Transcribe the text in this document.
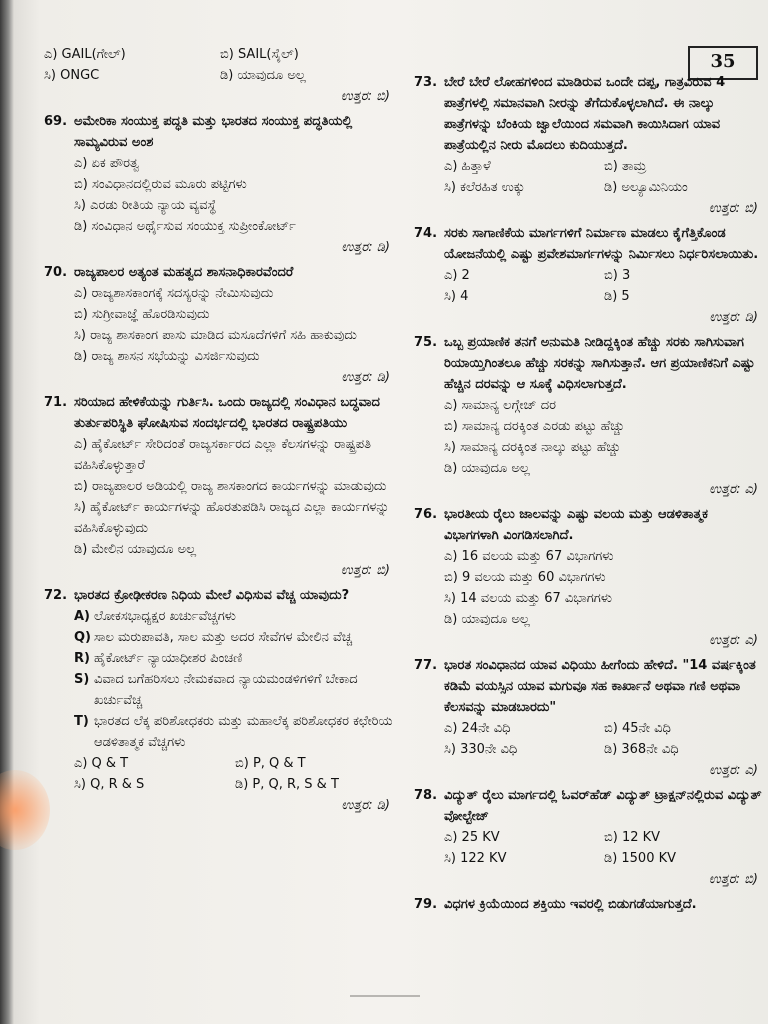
35
ಎ) GAIL(ಗೇಲ್)	ಬಿ) SAIL(ಸೈಲ್)
ಸಿ) ONGC	ಡಿ) ಯಾವುದೂ ಅಲ್ಲ
ಉತ್ತರ: ಬಿ)
69. ಅಮೇರಿಕಾ ಸಂಯುಕ್ತ ಪದ್ಧತಿ ಮತ್ತು ಭಾರತದ ಸಂಯುಕ್ತ ಪದ್ಧತಿಯಲ್ಲಿ ಸಾಮ್ಯವಿರುವ ಅಂಶ
ಎ) ಏಕ ಪೌರತ್ವ
ಬಿ) ಸಂವಿಧಾನದಲ್ಲಿರುವ ಮೂರು ಪಟ್ಟಿಗಳು
ಸಿ) ಎರಡು ರೀತಿಯ ನ್ಯಾಯ ವ್ಯವಸ್ಥೆ
ಡಿ) ಸಂವಿಧಾನ ಅರ್ಥೈಸುವ ಸಂಯುಕ್ತ ಸುಪ್ರೀಂಕೋರ್ಟ್
ಉತ್ತರ: ಡಿ)
70. ರಾಜ್ಯಪಾಲರ ಅತ್ಯಂತ ಮಹತ್ವದ ಶಾಸನಾಧಿಕಾರವೆಂದರೆ
ಎ) ರಾಜ್ಯಶಾಸಕಾಂಗಕ್ಕೆ ಸದಸ್ಯರನ್ನು ನೇಮಿಸುವುದು
ಬಿ) ಸುಗ್ರೀವಾಜ್ಞೆ ಹೊರಡಿಸುವುದು
ಸಿ) ರಾಜ್ಯ ಶಾಸಕಾಂಗ ಪಾಸು ಮಾಡಿದ ಮಸೂದೆಗಳಿಗೆ ಸಹಿ ಹಾಕುವುದು
ಡಿ) ರಾಜ್ಯ ಶಾಸನ ಸಭೆಯನ್ನು ವಿಸರ್ಜಿಸುವುದು
ಉತ್ತರ: ಡಿ)
71. ಸರಿಯಾದ ಹೇಳಿಕೆಯನ್ನು ಗುರ್ತಿಸಿ. ಒಂದು ರಾಜ್ಯದಲ್ಲಿ ಸಂವಿಧಾನ ಬದ್ಧವಾದ ತುರ್ತುಪರಿಸ್ಥಿತಿ ಘೋಷಿಸುವ ಸಂದರ್ಭದಲ್ಲಿ ಭಾರತದ ರಾಷ್ಟ್ರಪತಿಯು
ಎ) ಹೈಕೋರ್ಟ್ ಸೇರಿದಂತೆ ರಾಜ್ಯಸರ್ಕಾರದ ಎಲ್ಲಾ ಕೆಲಸಗಳನ್ನು ರಾಷ್ಟ್ರಪತಿ ವಹಿಸಿಕೊಳ್ಳುತ್ತಾರೆ
ಬಿ) ರಾಜ್ಯಪಾಲರ ಅಡಿಯಲ್ಲಿ ರಾಜ್ಯ ಶಾಸಕಾಂಗದ ಕಾರ್ಯಗಳನ್ನು ಮಾಡುವುದು
ಸಿ) ಹೈಕೋರ್ಟ್ ಕಾರ್ಯಗಳನ್ನು ಹೊರತುಪಡಿಸಿ ರಾಜ್ಯದ ಎಲ್ಲಾ ಕಾರ್ಯಗಳನ್ನು ವಹಿಸಿಕೊಳ್ಳುವುದು
ಡಿ) ಮೇಲಿನ ಯಾವುದೂ ಅಲ್ಲ
ಉತ್ತರ: ಬಿ)
72. ಭಾರತದ ಕ್ರೋಢೀಕರಣ ನಿಧಿಯ ಮೇಲೆ ವಿಧಿಸುವ ವೆಚ್ಚ ಯಾವುದು?
A) ಲೋಕಸಭಾಧ್ಯಕ್ಷರ ಖರ್ಚುವೆಚ್ಚಗಳು
Q) ಸಾಲ ಮರುಪಾವತಿ, ಸಾಲ ಮತ್ತು ಅದರ ಸೇವೆಗಳ ಮೇಲಿನ ವೆಚ್ಚ
R) ಹೈಕೋರ್ಟ್ ನ್ಯಾಯಾಧೀಶರ ಪಿಂಚಣಿ
S) ವಿವಾದ ಬಗೆಹರಿಸಲು ನೇಮಕವಾದ ನ್ಯಾಯಮಂಡಳಿಗಳಿಗೆ ಬೇಕಾದ ಖರ್ಚುವೆಚ್ಚ
T) ಭಾರತದ ಲೆಕ್ಕ ಪರಿಶೋಧಕರು ಮತ್ತು ಮಹಾಲೆಕ್ಕ ಪರಿಶೋಧಕರ ಕಛೇರಿಯ ಆಡಳಿತಾತ್ಮಕ ವೆಚ್ಚಗಳು
ಎ) Q & T	ಬಿ) P, Q & T
ಸಿ) Q, R & S	ಡಿ) P, Q, R, S & T
ಉತ್ತರ: ಡಿ)
73. ಬೇರೆ ಬೇರೆ ಲೋಹಗಳಿಂದ ಮಾಡಿರುವ ಒಂದೇ ದಪ್ಪ, ಗಾತ್ರವಿರುವ 4 ಪಾತ್ರೆಗಳಲ್ಲಿ ಸಮಾನವಾಗಿ ನೀರನ್ನು ತೆಗೆದುಕೊಳ್ಳಲಾಗಿದೆ. ಈ ನಾಲ್ಕು ಪಾತ್ರೆಗಳನ್ನು ಬೆಂಕಿಯ ಜ್ವಾಲೆಯಿಂದ ಸಮವಾಗಿ ಕಾಯಿಸಿದಾಗ ಯಾವ ಪಾತ್ರೆಯಲ್ಲಿನ ನೀರು ಮೊದಲು ಕುದಿಯುತ್ತದೆ.
ಎ) ಹಿತ್ತಾಳೆ	ಬಿ) ತಾಮ್ರ
ಸಿ) ಕಲೆರಹಿತ ಉಕ್ಕು	ಡಿ) ಅಲ್ಯೂಮಿನಿಯಂ
ಉತ್ತರ: ಬಿ)
74. ಸರಕು ಸಾಗಾಣಿಕೆಯ ಮಾರ್ಗಗಳಿಗೆ ನಿರ್ಮಾಣ ಮಾಡಲು ಕೈಗೆತ್ತಿಕೊಂಡ ಯೋಜನೆಯಲ್ಲಿ ಎಷ್ಟು ಪ್ರವೇಶಮಾರ್ಗಗಳನ್ನು ನಿರ್ಮಿಸಲು ನಿರ್ಧರಿಸಲಾಯಿತು.
ಎ) 2	ಬಿ) 3
ಸಿ) 4	ಡಿ) 5
ಉತ್ತರ: ಡಿ)
75. ಒಬ್ಬ ಪ್ರಯಾಣಿಕ ತನಗೆ ಅನುಮತಿ ನೀಡಿದ್ದಕ್ಕಿಂತ ಹೆಚ್ಚು ಸರಕು ಸಾಗಿಸುವಾಗ ರಿಯಾಯ್ತಿಗಿಂತಲೂ ಹೆಚ್ಚು ಸರಕನ್ನು ಸಾಗಿಸುತ್ತಾನೆ. ಆಗ ಪ್ರಯಾಣಿಕನಿಗೆ ಎಷ್ಟು ಹೆಚ್ಚಿನ ದರವನ್ನು ಆ ಸೂಕ್ಕೆ ವಿಧಿಸಲಾಗುತ್ತದೆ.
ಎ) ಸಾಮಾನ್ಯ ಲಗ್ಗೇಜ್ ದರ
ಬಿ) ಸಾಮಾನ್ಯ ದರಕ್ಕಿಂತ ಎರಡು ಪಟ್ಟು ಹೆಚ್ಚು
ಸಿ) ಸಾಮಾನ್ಯ ದರಕ್ಕಿಂತ ನಾಲ್ಕು ಪಟ್ಟು ಹೆಚ್ಚು
ಡಿ) ಯಾವುದೂ ಅಲ್ಲ
ಉತ್ತರ: ಎ)
76. ಭಾರತೀಯ ರೈಲು ಜಾಲವನ್ನು ಎಷ್ಟು ವಲಯ ಮತ್ತು ಆಡಳಿತಾತ್ಮಕ ವಿಭಾಗಗಳಾಗಿ ವಿಂಗಡಿಸಲಾಗಿದೆ.
ಎ) 16 ವಲಯ ಮತ್ತು 67 ವಿಭಾಗಗಳು
ಬಿ) 9 ವಲಯ ಮತ್ತು 60 ವಿಭಾಗಗಳು
ಸಿ) 14 ವಲಯ ಮತ್ತು 67 ವಿಭಾಗಗಳು
ಡಿ) ಯಾವುದೂ ಅಲ್ಲ
ಉತ್ತರ: ಎ)
77. ಭಾರತ ಸಂವಿಧಾನದ ಯಾವ ವಿಧಿಯು ಹೀಗೆಂದು ಹೇಳಿದೆ. "14 ವರ್ಷಕ್ಕಿಂತ ಕಡಿಮೆ ವಯಸ್ಸಿನ ಯಾವ ಮಗುವೂ ಸಹ ಕಾರ್ಖಾನೆ ಅಥವಾ ಗಣಿ ಅಥವಾ ಕೆಲಸವನ್ನು ಮಾಡಬಾರದು"
ಎ) 24ನೇ ವಿಧಿ	ಬಿ) 45ನೇ ವಿಧಿ
ಸಿ) 330ನೇ ವಿಧಿ	ಡಿ) 368ನೇ ವಿಧಿ
ಉತ್ತರ: ಎ)
78. ವಿದ್ಯುತ್ ರೈಲು ಮಾರ್ಗದಲ್ಲಿ ಓವರ್‌ಹೆಡ್ ವಿದ್ಯುತ್ ಟ್ರಾಕ್ಷನ್‌ನಲ್ಲಿರುವ ವಿದ್ಯುತ್ ವೋಲ್ಟೇಜ್
ಎ) 25 KV	ಬಿ) 12 KV
ಸಿ) 122 KV	ಡಿ) 1500 KV
ಉತ್ತರ: ಬಿ)
79. ವಿಧಗಳ ಕ್ರಿಯೆಯಿಂದ ಶಕ್ತಿಯು ಇವರಲ್ಲಿ ಬಿಡುಗಡೆಯಾಗುತ್ತದೆ.
